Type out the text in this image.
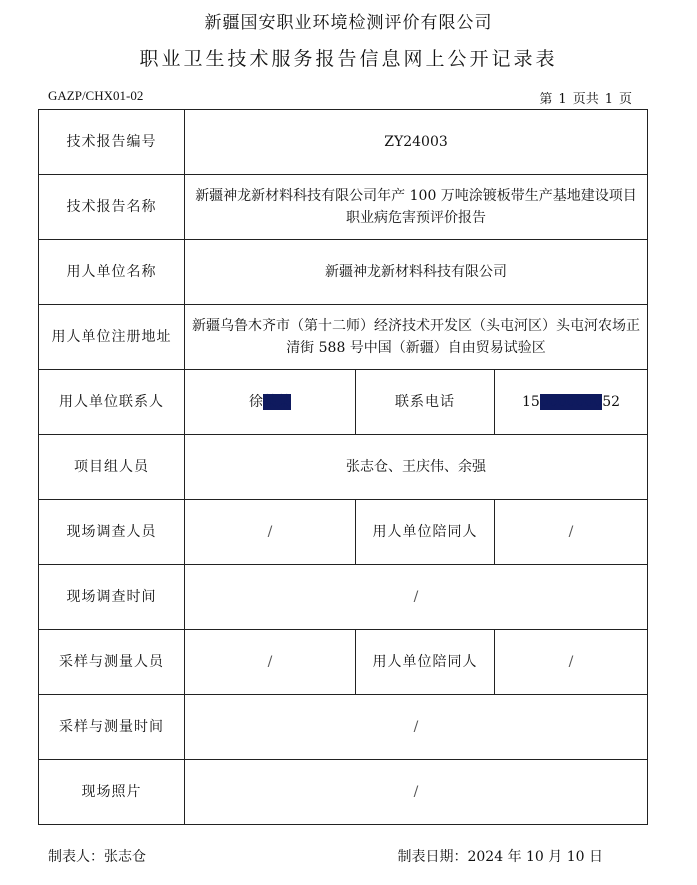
新疆国安职业环境检测评价有限公司
职业卫生技术服务报告信息网上公开记录表
GAZP/CHX01-02	第 1 页共 1 页
技术报告编号	ZY24003		
技术报告名称	新疆神龙新材料科技有限公司年产 100 万吨涂镀板带生产基地建设项目职业病危害预评价报告		
用人单位名称	新疆神龙新材料科技有限公司		
用人单位注册地址	新疆乌鲁木齐市（第十二师）经济技术开发区（头屯河区）头屯河农场正清街 588 号中国（新疆）自由贸易试验区		
用人单位联系人	徐某某	联系电话	15000000052
项目组人员	张志仓、王庆伟、余强		
现场调查人员	/	用人单位陪同人	/
现场调查时间	/		
采样与测量人员	/	用人单位陪同人	/
采样与测量时间	/		
现场照片	/		
制表人：张志仓	制表日期：2024 年 10 月 10 日
